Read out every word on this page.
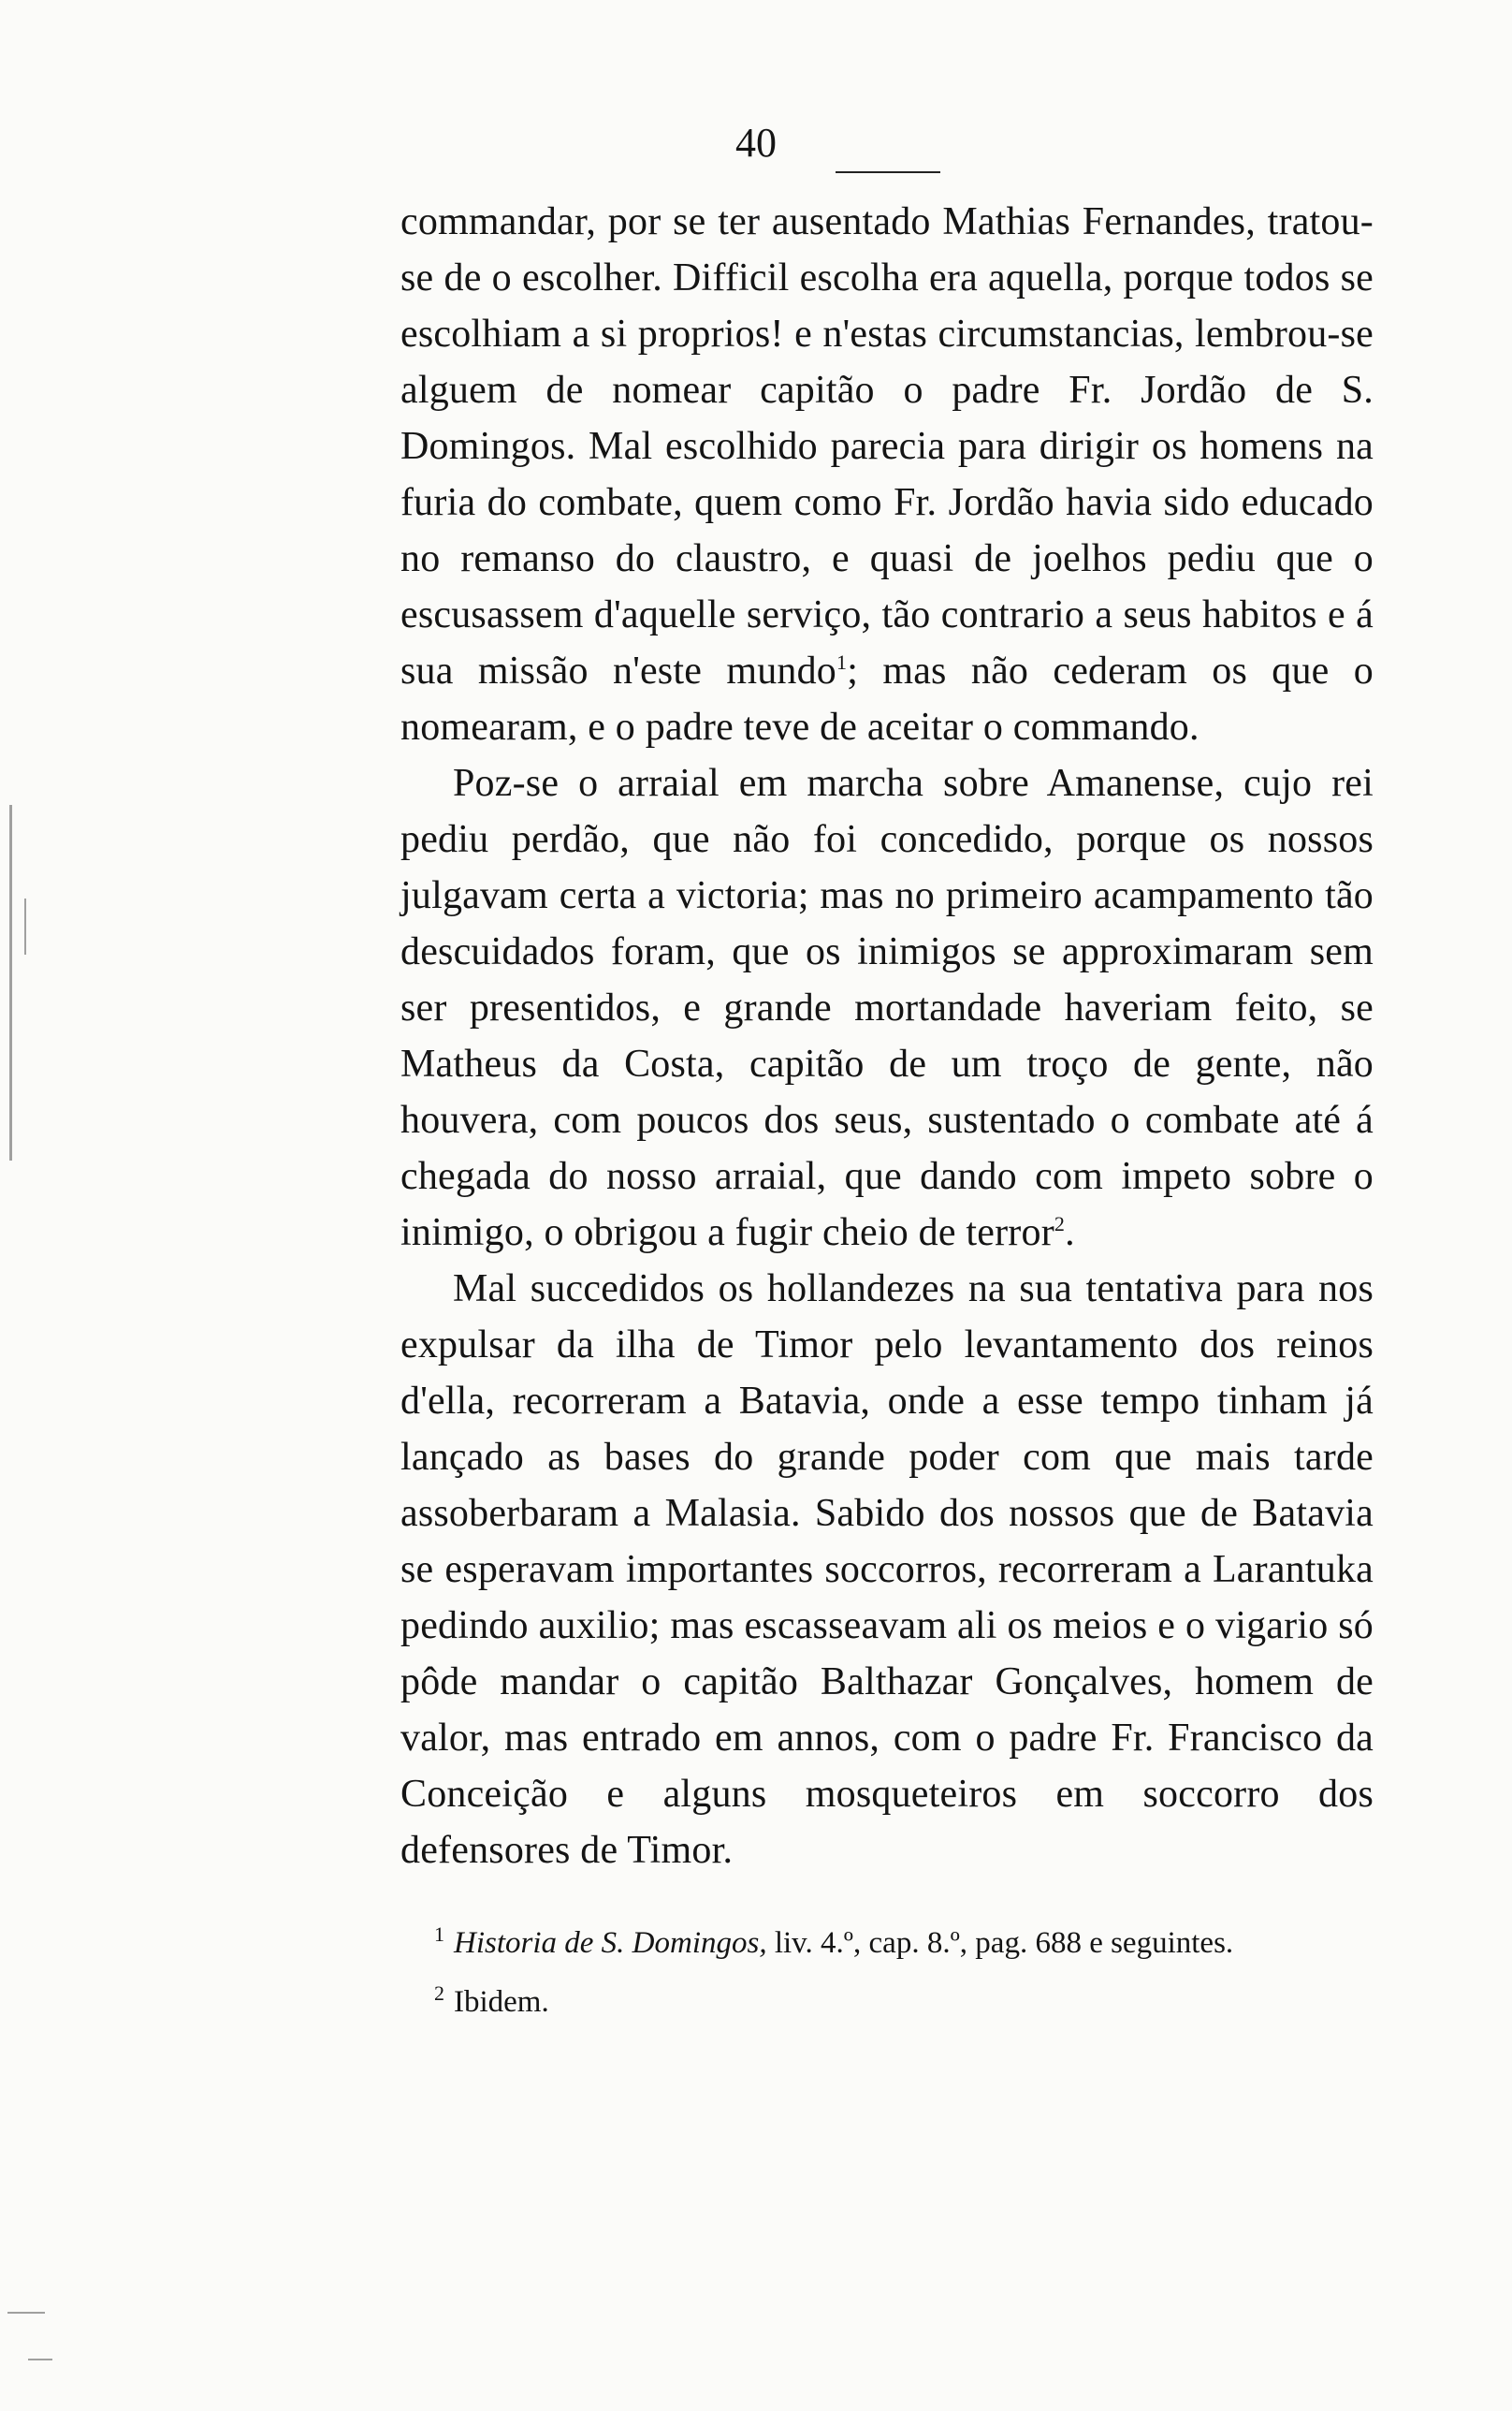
40

commandar, por se ter ausentado Mathias Fernandes, tratou-se de o escolher. Difficil escolha era aquella, porque todos se escolhiam a si proprios! e n'estas circumstancias, lembrou-se alguem de nomear capitão o padre Fr. Jordão de S. Domingos. Mal escolhido parecia para dirigir os homens na furia do combate, quem como Fr. Jordão havia sido educado no remanso do claustro, e quasi de joelhos pediu que o escusassem d'aquelle serviço, tão contrario a seus habitos e á sua missão n'este mundo$^1$; mas não cederam os que o nomearam, e o padre teve de aceitar o commando.

Poz-se o arraial em marcha sobre Amanense, cujo rei pediu perdão, que não foi concedido, porque os nossos julgavam certa a victoria; mas no primeiro acampamento tão descuidados foram, que os inimigos se approximaram sem ser presentidos, e grande mortandade haveriam feito, se Matheus da Costa, capitão de um troço de gente, não houvera, com poucos dos seus, sustentado o combate até á chegada do nosso arraial, que dando com impeto sobre o inimigo, o obrigou a fugir cheio de terror$^2$.

Mal succedidos os hollandezes na sua tentativa para nos expulsar da ilha de Timor pelo levantamento dos reinos d'ella, recorreram a Batavia, onde a esse tempo tinham já lançado as bases do grande poder com que mais tarde assoberbaram a Malasia. Sabido dos nossos que de Batavia se esperavam importantes soccorros, recorreram a Larantuka pedindo auxilio; mas escasseavam ali os meios e o vigario só pôde mandar o capitão Balthazar Gonçalves, homem de valor, mas entrado em annos, com o padre Fr. Francisco da Conceição e alguns mosqueteiros em soccorro dos defensores de Timor.

$^1$ Historia de S. Domingos, liv. 4.º, cap. 8.º, pag. 688 e seguintes.

$^2$ Ibidem.
